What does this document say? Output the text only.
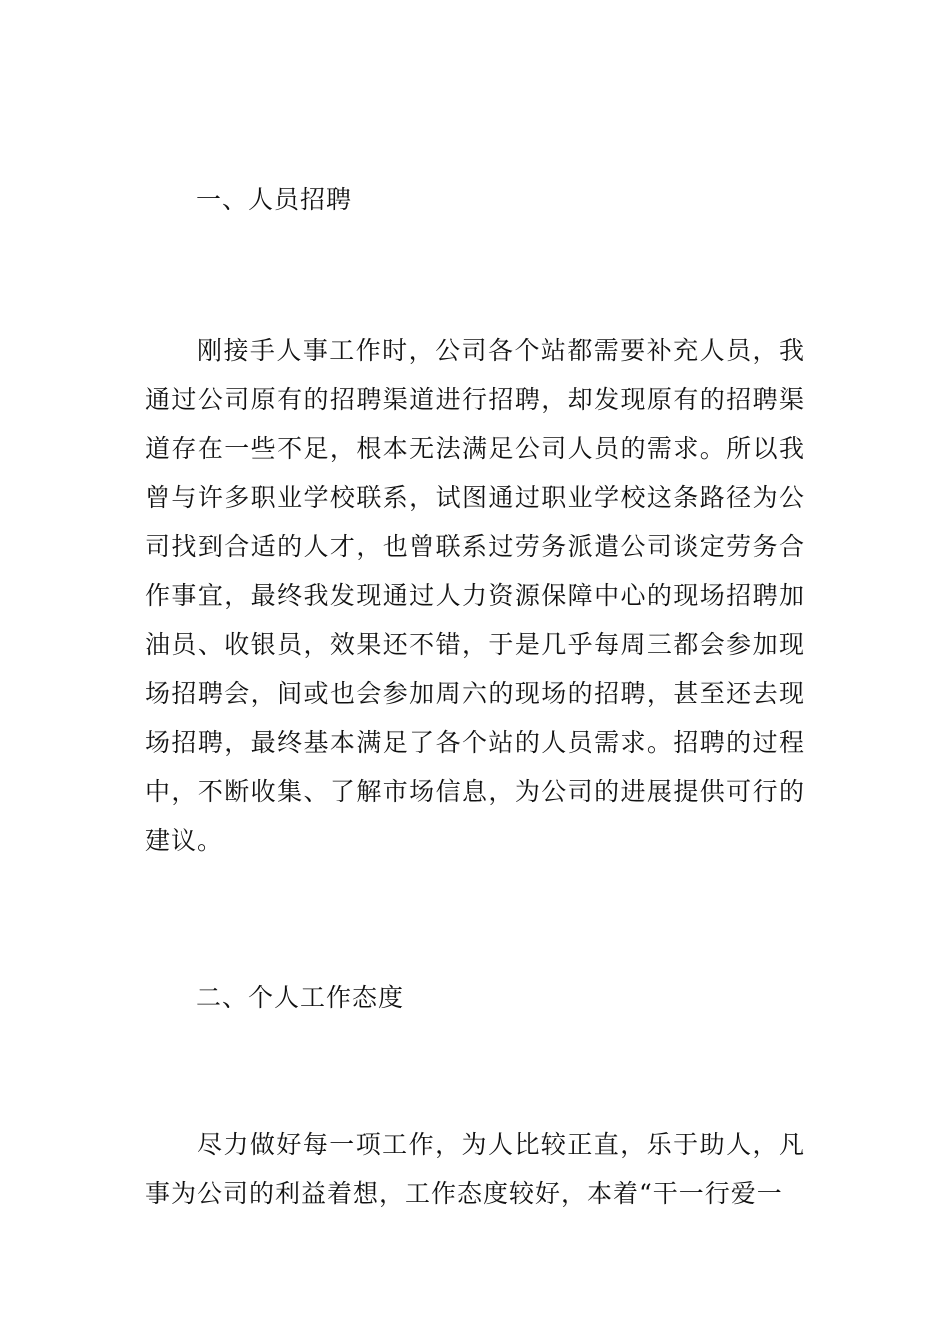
一、人员招聘

刚接手人事工作时，公司各个站都需要补充人员，我通过公司原有的招聘渠道进行招聘，却发现原有的招聘渠道存在一些不足，根本无法满足公司人员的需求。所以我曾与许多职业学校联系，试图通过职业学校这条路径为公司找到合适的人才，也曾联系过劳务派遣公司谈定劳务合作事宜，最终我发现通过人力资源保障中心的现场招聘加油员、收银员，效果还不错，于是几乎每周三都会参加现场招聘会，间或也会参加周六的现场的招聘，甚至还去现场招聘，最终基本满足了各个站的人员需求。招聘的过程中，不断收集、了解市场信息，为公司的进展提供可行的建议。

二、个人工作态度

尽力做好每一项工作，为人比较正直，乐于助人，凡事为公司的利益着想，工作态度较好，本着“干一行爱一
